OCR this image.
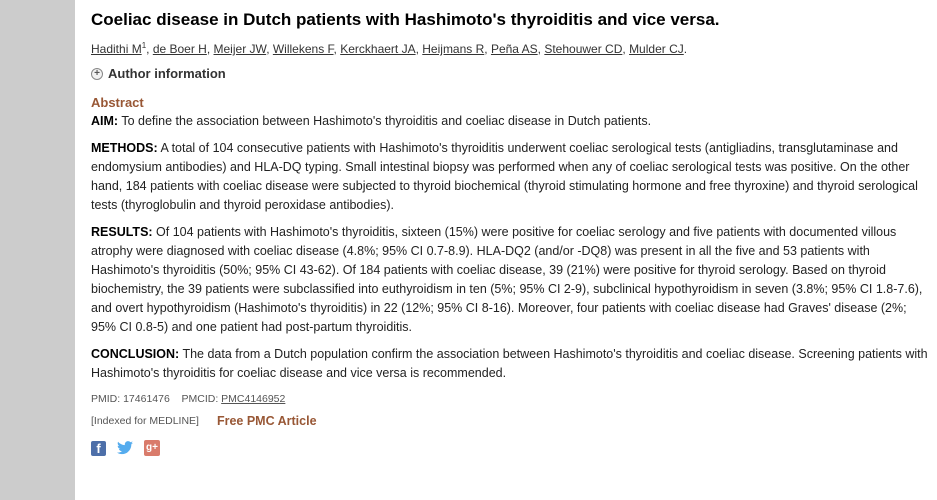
Coeliac disease in Dutch patients with Hashimoto's thyroiditis and vice versa.
Hadithi $M^1$, de Boer H, Meijer JW, Willekens F, Kerckhaert JA, Heijmans R, Peña AS, Stehouwer CD, Mulder CJ.
+ Author information
Abstract
AIM: To define the association between Hashimoto's thyroiditis and coeliac disease in Dutch patients.
METHODS: A total of 104 consecutive patients with Hashimoto's thyroiditis underwent coeliac serological tests (antigliadins, transglutaminase and endomysium antibodies) and HLA-DQ typing. Small intestinal biopsy was performed when any of coeliac serological tests was positive. On the other hand, 184 patients with coeliac disease were subjected to thyroid biochemical (thyroid stimulating hormone and free thyroxine) and thyroid serological tests (thyroglobulin and thyroid peroxidase antibodies).
RESULTS: Of 104 patients with Hashimoto's thyroiditis, sixteen (15%) were positive for coeliac serology and five patients with documented villous atrophy were diagnosed with coeliac disease (4.8%; 95% CI 0.7-8.9). HLA-DQ2 (and/or -DQ8) was present in all the five and 53 patients with Hashimoto's thyroiditis (50%; 95% CI 43-62). Of 184 patients with coeliac disease, 39 (21%) were positive for thyroid serology. Based on thyroid biochemistry, the 39 patients were subclassified into euthyroidism in ten (5%; 95% CI 2-9), subclinical hypothyroidism in seven (3.8%; 95% CI 1.8-7.6), and overt hypothyroidism (Hashimoto's thyroiditis) in 22 (12%; 95% CI 8-16). Moreover, four patients with coeliac disease had Graves' disease (2%; 95% CI 0.8-5) and one patient had post-partum thyroiditis.
CONCLUSION: The data from a Dutch population confirm the association between Hashimoto's thyroiditis and coeliac disease. Screening patients with Hashimoto's thyroiditis for coeliac disease and vice versa is recommended.
PMID: 17461476 PMCID: PMC4146952
[Indexed for MEDLINE] Free PMC Article
f	g+
